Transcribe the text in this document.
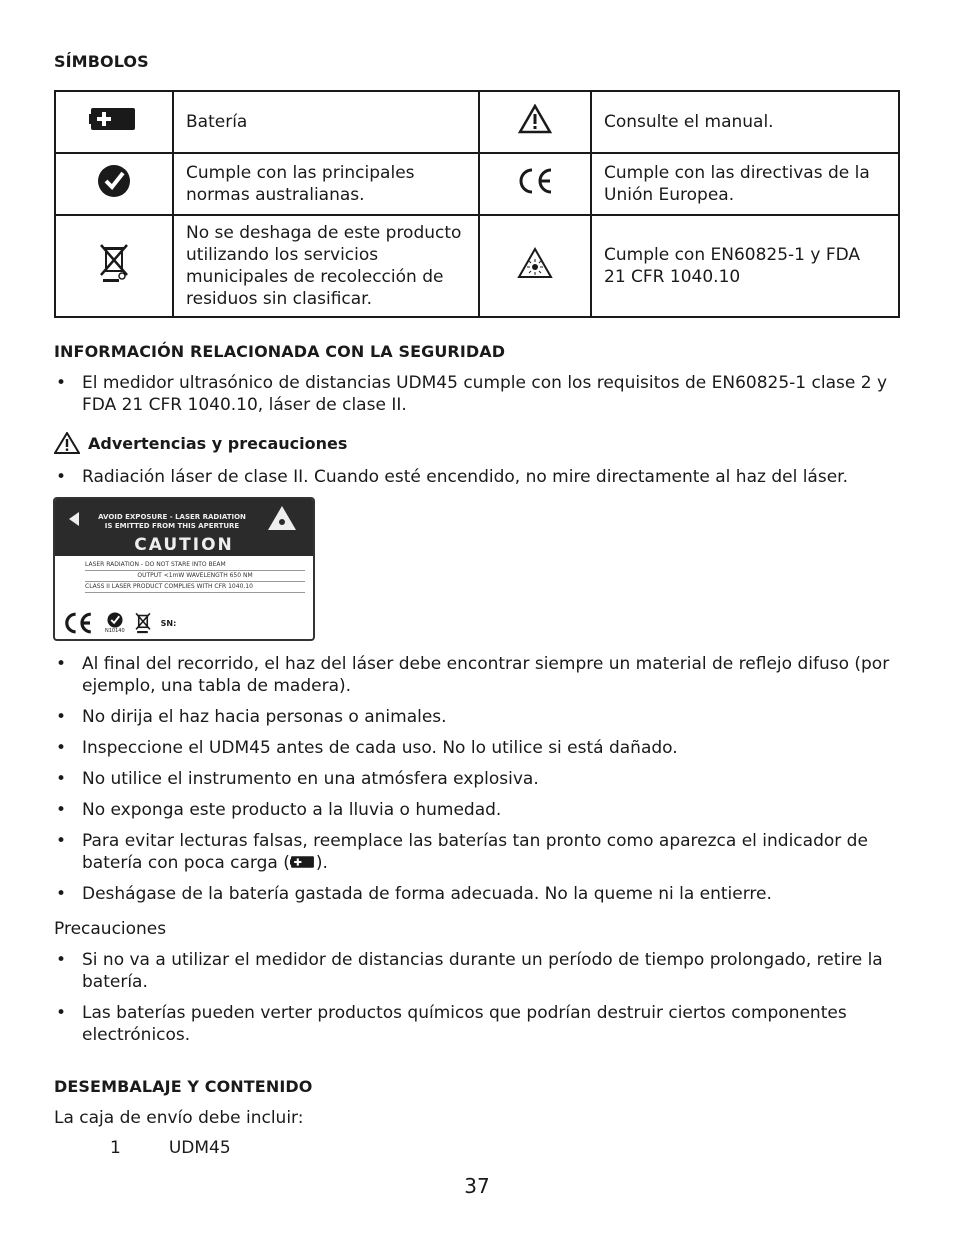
SÍMBOLOS
	Batería		Consulte el manual.
	Cumple con las principales normas australianas.		Cumple con las directivas de la Unión Europea.
	No se deshaga de este producto utilizando los servicios municipales de recolección de residuos sin clasificar.		Cumple con EN60825-1 y FDA 21 CFR 1040.10
INFORMACIÓN RELACIONADA CON LA SEGURIDAD
• El medidor ultrasónico de distancias UDM45 cumple con los requisitos de EN60825-1 clase 2 y FDA 21 CFR 1040.10, láser de clase II.
Advertencias y precauciones
• Radiación láser de clase II. Cuando esté encendido, no mire directamente al haz del láser.
AVOID EXPOSURE - LASER RADIATION
IS EMITTED FROM THIS APERTURE
CAUTION
LASER RADIATION - DO NOT STARE INTO BEAM
OUTPUT <1mW WAVELENGTH 650 NM
CLASS II LASER PRODUCT COMPLIES WITH CFR 1040.10
N10140
SN:
• Al final del recorrido, el haz del láser debe encontrar siempre un material de reflejo difuso (por ejemplo, una tabla de madera).
• No dirija el haz hacia personas o animales.
• Inspeccione el UDM45 antes de cada uso. No lo utilice si está dañado.
• No utilice el instrumento en una atmósfera explosiva.
• No exponga este producto a la lluvia o humedad.
• Para evitar lecturas falsas, reemplace las baterías tan pronto como aparezca el indicador de batería con poca carga ( ).
• Deshágase de la batería gastada de forma adecuada. No la queme ni la entierre.
Precauciones
• Si no va a utilizar el medidor de distancias durante un período de tiempo prolongado, retire la batería.
• Las baterías pueden verter productos químicos que podrían destruir ciertos componentes electrónicos.
DESEMBALAJE Y CONTENIDO
La caja de envío debe incluir:
1	UDM45
37
